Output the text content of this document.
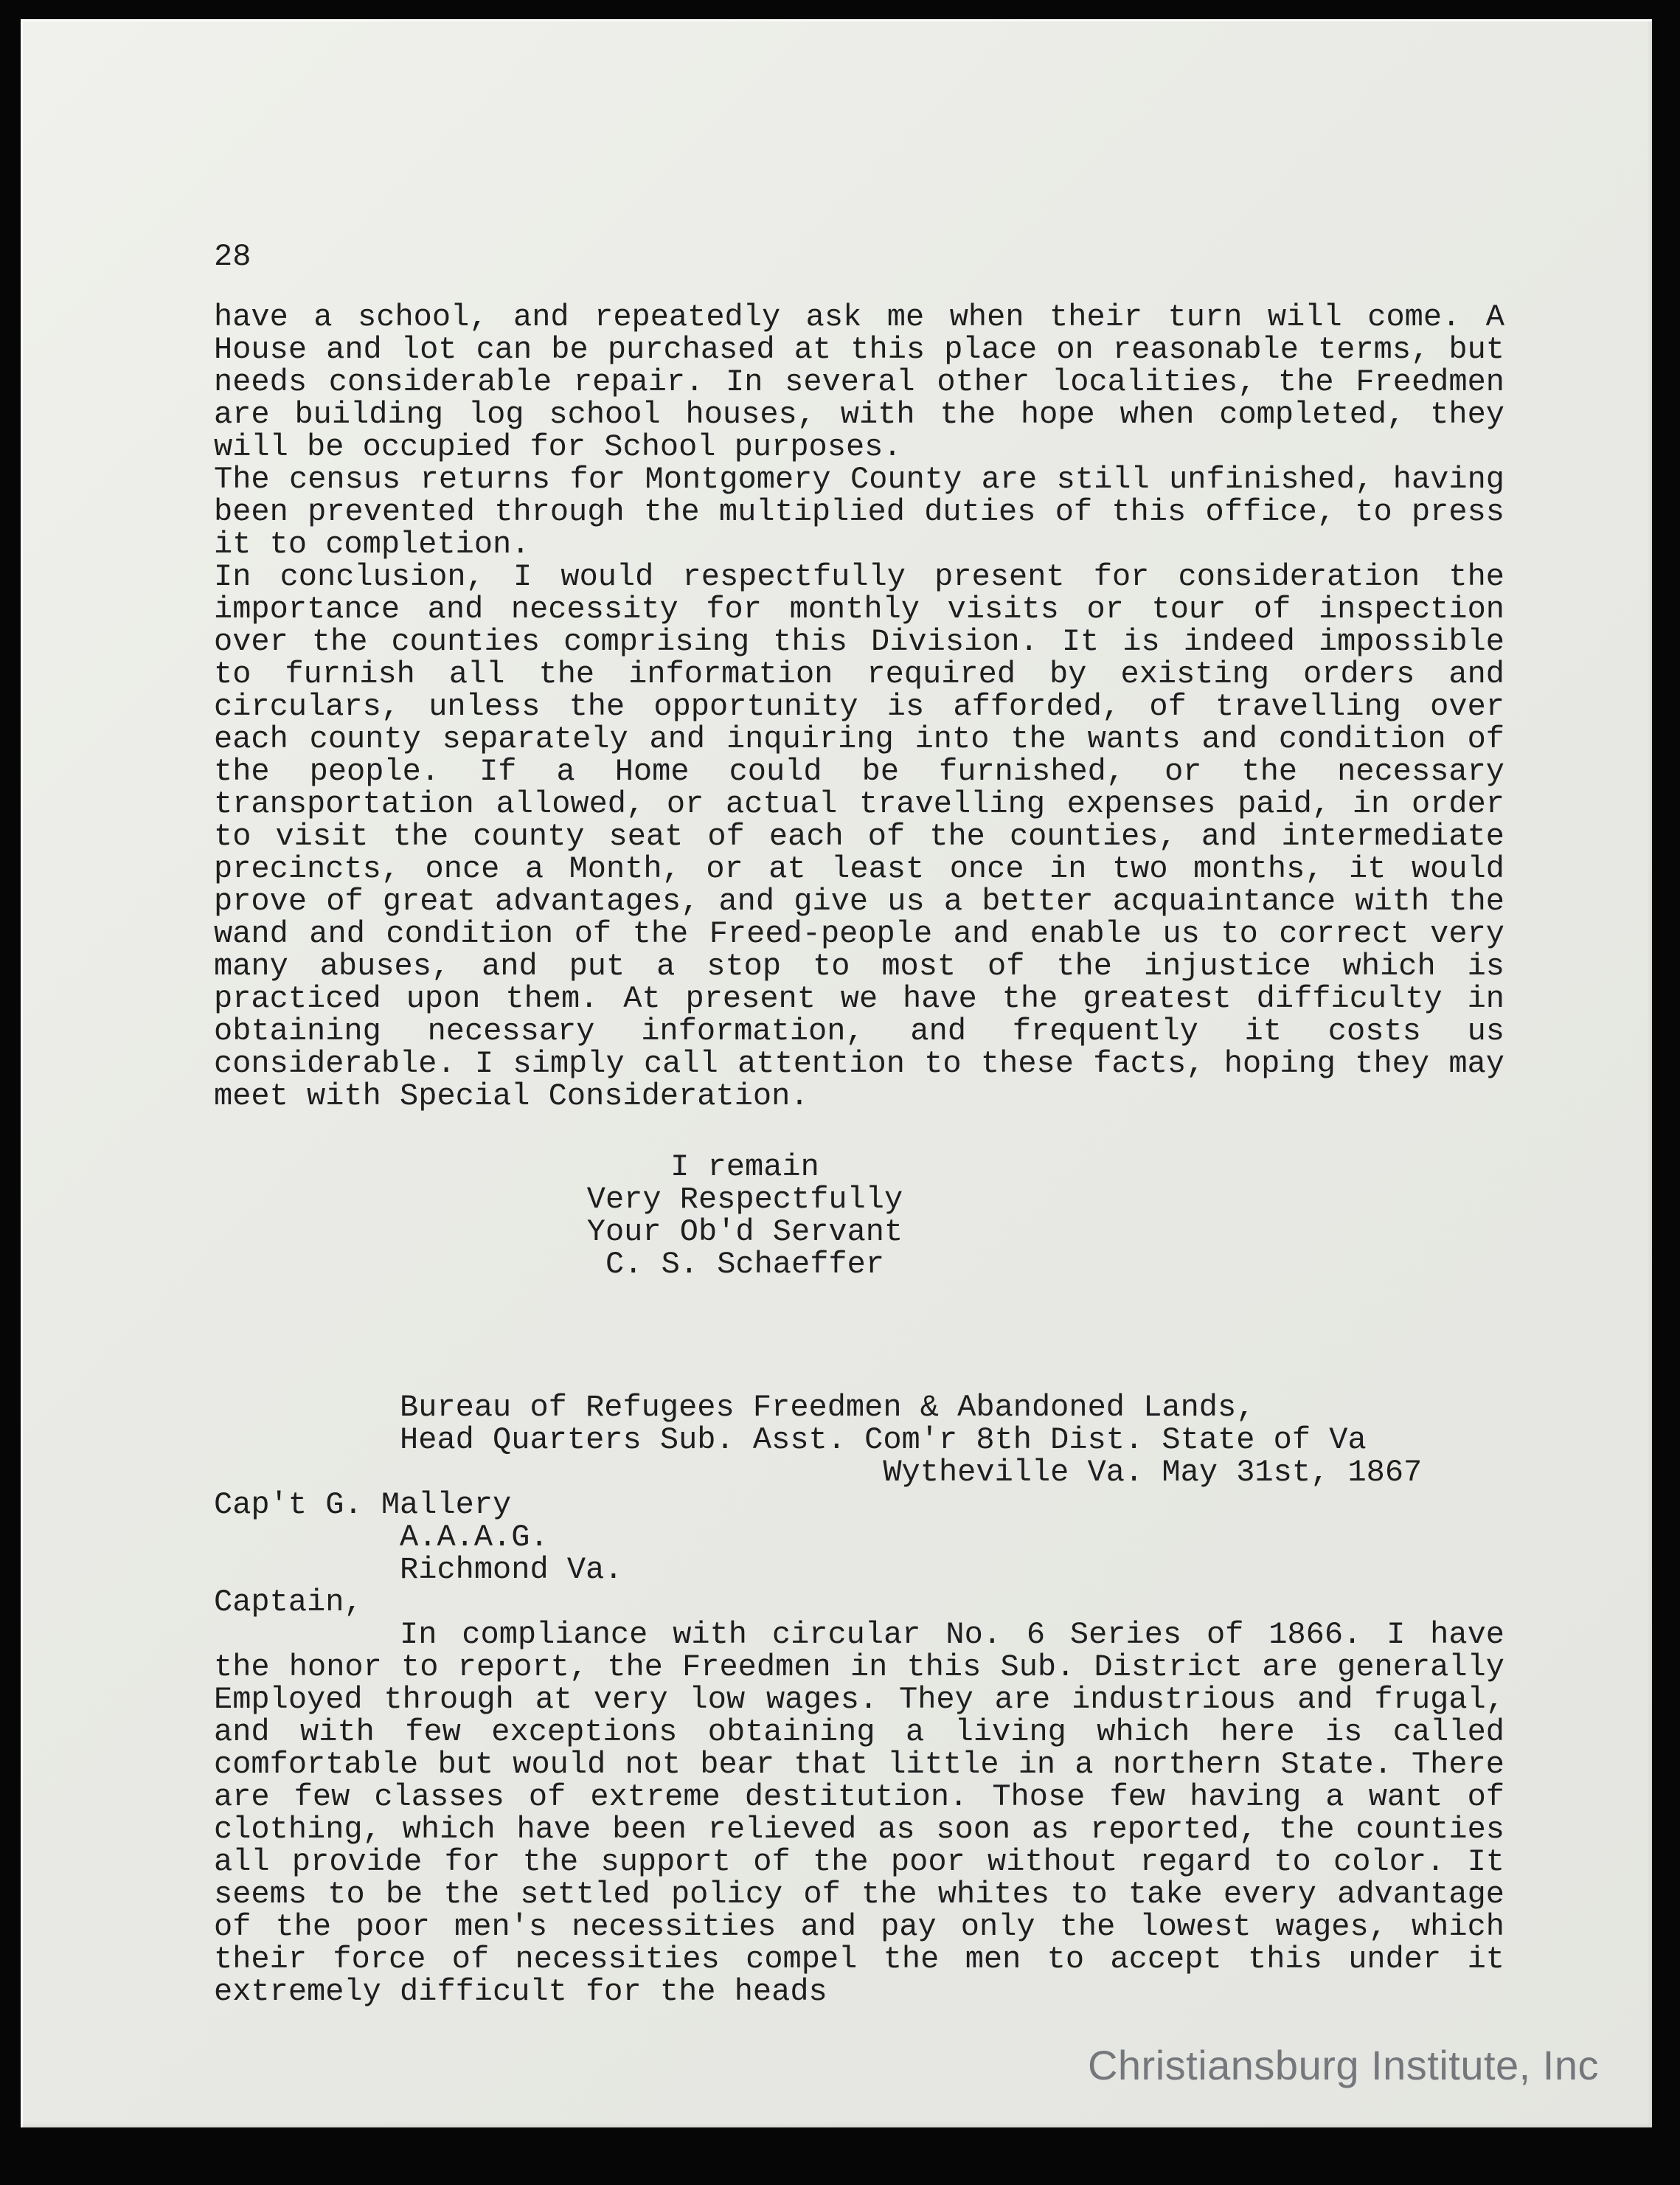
28

have a school, and repeatedly ask me when their turn will come. A House and lot can be purchased at this place on reasonable terms, but needs considerable repair. In several other localities, the Freedmen are building log school houses, with the hope when completed, they will be occupied for School purposes.

The census returns for Montgomery County are still unfinished, having been prevented through the multiplied duties of this office, to press it to completion.

In conclusion, I would respectfully present for consideration the importance and necessity for monthly visits or tour of inspection over the counties comprising this Division. It is indeed impossible to furnish all the information required by existing orders and circulars, unless the opportunity is afforded, of travelling over each county separately and inquiring into the wants and condition of the people. If a Home could be furnished, or the necessary transportation allowed, or actual travelling expenses paid, in order to visit the county seat of each of the counties, and intermediate precincts, once a Month, or at least once in two months, it would prove of great advantages, and give us a better acquaintance with the wand and condition of the Freed-people and enable us to correct very many abuses, and put a stop to most of the injustice which is practiced upon them. At present we have the greatest difficulty in obtaining necessary information, and frequently it costs us considerable. I simply call attention to these facts, hoping they may meet with Special Consideration.

I remain
Very Respectfully
Your Ob'd Servant
C. S. Schaeffer
Bureau of Refugees Freedmen & Abandoned Lands,
Head Quarters Sub. Asst. Com'r 8th Dist. State of Va
Wytheville Va. May 31st, 1867
Cap't G. Mallery
A.A.A.G.
Richmond Va.
Captain,

In compliance with circular No. 6 Series of 1866. I have the honor to report, the Freedmen in this Sub. District are generally Employed through at very low wages. They are industrious and frugal, and with few exceptions obtaining a living which here is called comfortable but would not bear that little in a northern State. There are few classes of extreme destitution. Those few having a want of clothing, which have been relieved as soon as reported, the counties all provide for the support of the poor without regard to color. It seems to be the settled policy of the whites to take every advantage of the poor men's necessities and pay only the lowest wages, which their force of necessities compel the men to accept this under it extremely difficult for the heads

Christiansburg Institute, Inc
